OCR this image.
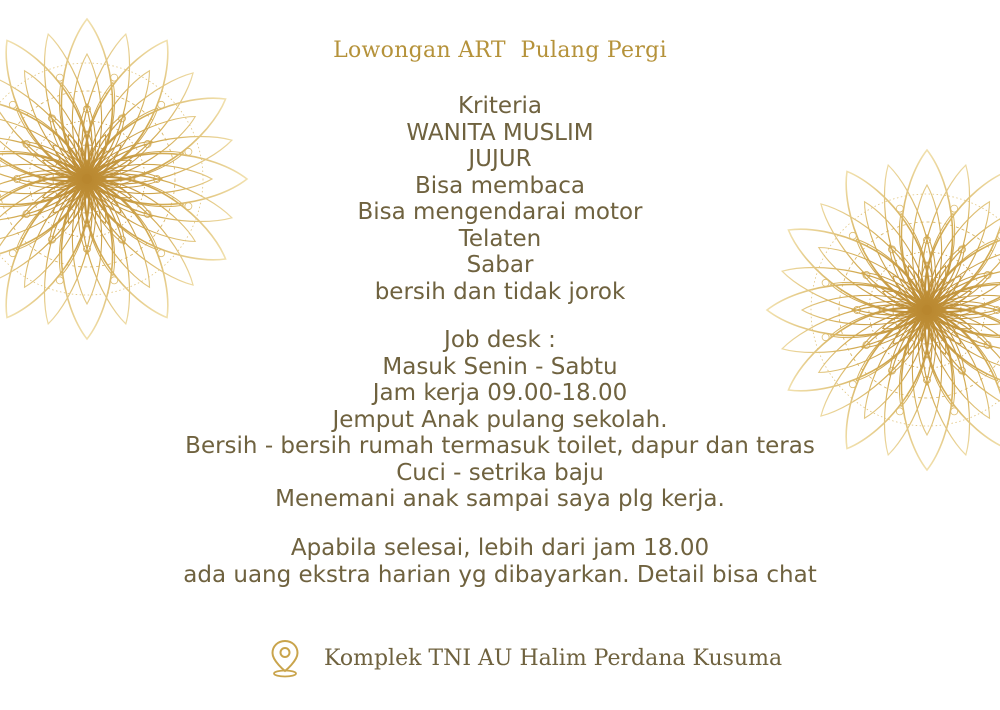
Lowongan ART  Pulang Pergi
Kriteria
WANITA MUSLIM
JUJUR
Bisa membaca
Bisa mengendarai motor
Telaten
Sabar
bersih dan tidak jorok
Job desk :
Masuk Senin - Sabtu
Jam kerja 09.00-18.00
Jemput Anak pulang sekolah.
Bersih - bersih rumah termasuk toilet, dapur dan teras
Cuci - setrika baju
Menemani anak sampai saya plg kerja.
Apabila selesai, lebih dari jam 18.00
ada uang ekstra harian yg dibayarkan. Detail bisa chat
Komplek TNI AU Halim Perdana Kusuma
